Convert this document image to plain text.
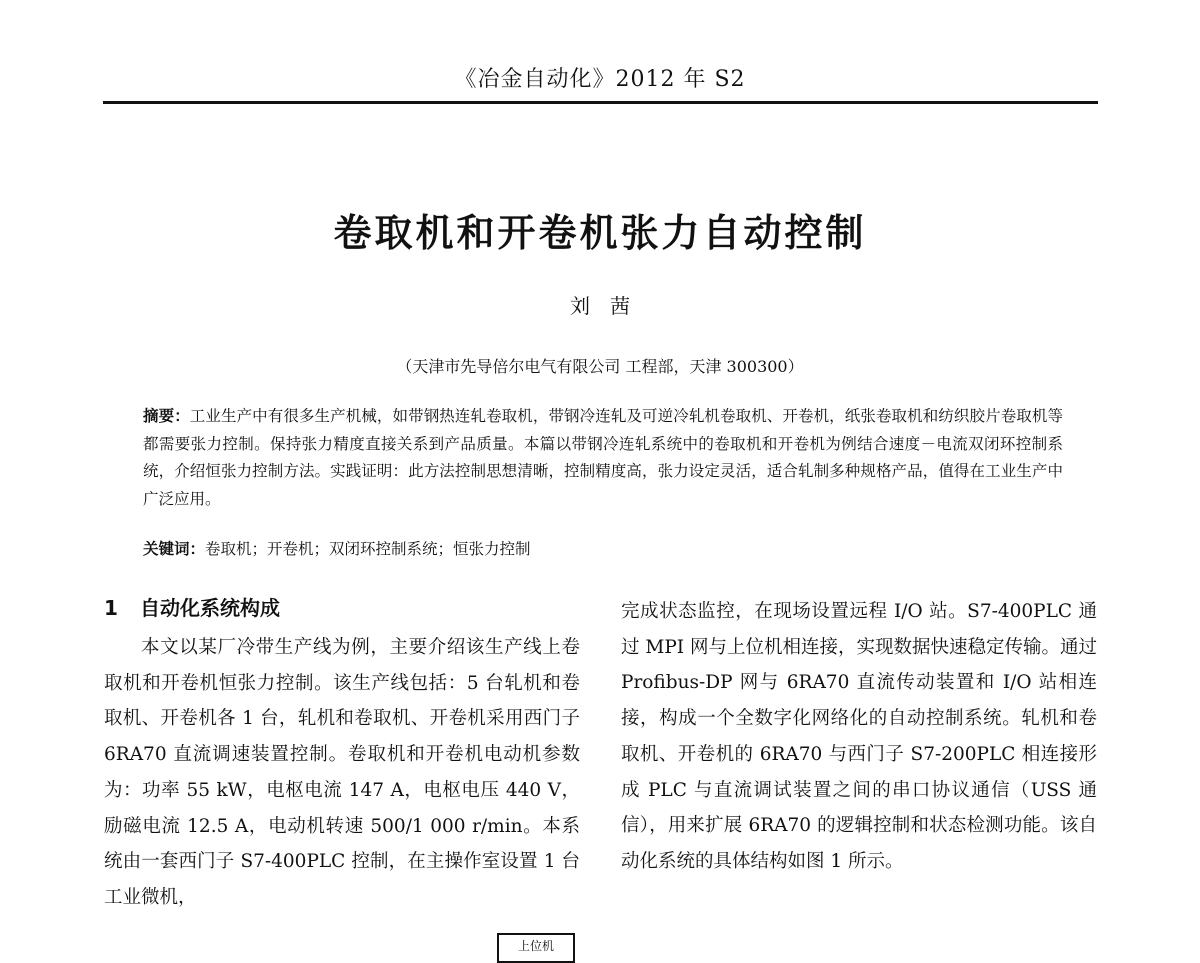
《冶金自动化》2012 年 S2
卷取机和开卷机张力自动控制
刘茜
（天津市先导倍尔电气有限公司 工程部，天津 300300）
摘要：工业生产中有很多生产机械，如带钢热连轧卷取机，带钢冷连轧及可逆冷轧机卷取机、开卷机，纸张卷取机和纺织胶片卷取机等都需要张力控制。保持张力精度直接关系到产品质量。本篇以带钢冷连轧系统中的卷取机和开卷机为例结合速度－电流双闭环控制系统，介绍恒张力控制方法。实践证明：此方法控制思想清晰，控制精度高，张力设定灵活，适合轧制多种规格产品，值得在工业生产中广泛应用。
关键词：卷取机；开卷机；双闭环控制系统；恒张力控制
1 自动化系统构成
本文以某厂冷带生产线为例，主要介绍该生产线上卷取机和开卷机恒张力控制。该生产线包括：5 台轧机和卷取机、开卷机各 1 台，轧机和卷取机、开卷机采用西门子 6RA70 直流调速装置控制。卷取机和开卷机电动机参数为：功率 55 kW，电枢电流 147 A，电枢电压 440 V，励磁电流 12.5 A，电动机转速 500/1 000 r/min。本系统由一套西门子 S7-400PLC 控制，在主操作室设置 1 台工业微机，
完成状态监控，在现场设置远程 I/O 站。S7-400PLC 通过 MPI 网与上位机相连接，实现数据快速稳定传输。通过 Profibus-DP 网与 6RA70 直流传动装置和 I/O 站相连接，构成一个全数字化网络化的自动控制系统。轧机和卷取机、开卷机的 6RA70 与西门子 S7-200PLC 相连接形成 PLC 与直流调试装置之间的串口协议通信（USS 通信），用来扩展 6RA70 的逻辑控制和状态检测功能。该自动化系统的具体结构如图 1 所示。
上位机
